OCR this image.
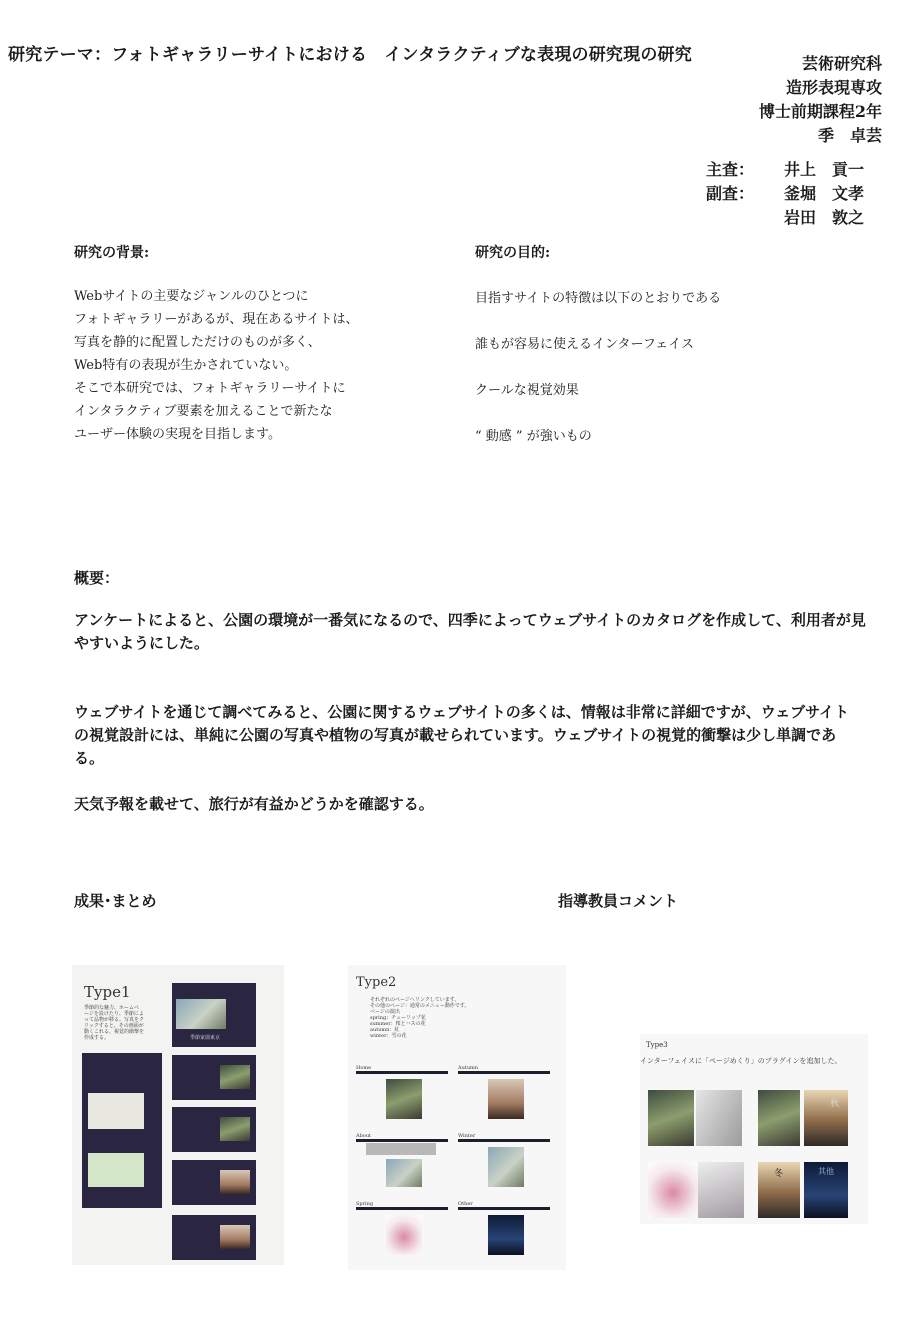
研究テーマ：フォトギャラリーサイトにおける　インタラクティブな表現の研究現の研究	芸術研究科
造形表現専攻
博士前期課程2年
季　卓芸
主査：	井上　貢一
副査：	釜堀　文孝
岩田　敦之
研究の背景:
Webサイトの主要なジャンルのひとつに
フォトギャラリーがあるが、現在あるサイトは、
写真を静的に配置しただけのものが多く、
Web特有の表現が生かされていない。
そこで本研究では、フォトギャラリーサイトに
インタラクティブ要素を加えることで新たな
ユーザー体験の実現を目指します。
研究の目的:
目指すサイトの特徴は以下のとおりである
誰もが容易に使えるインターフェイス
クールな視覚効果
“ 動感 ” が強いもの
概要：
アンケートによると、公園の環境が一番気になるので、四季によってウェブサイトのカタログを作成して、利用者が見やすいようにした。
ウェブサイトを通じて調べてみると、公園に関するウェブサイトの多くは、情報は非常に詳細ですが、ウェブサイトの視覚設計には、単純に公園の写真や植物の写真が載せられています。ウェブサイトの視覚的衝撃は少し単調である。
天気予報を載せて、旅行が有益かどうかを確認する。
成果･まとめ	指導教員コメント
Type1
季節的な魅力、ホームページを設けたり、季節によって品物が移る。写真をクリックすると、その画面が動くこれる、視覚的衝撃を作成する。	季節家園東京
Type2
それぞれのページへリンクしています。
その他のページ：通常のメニュー動作です。
ページの演出
spring：チューリップ花
summer：桜とハスの花
autumn：紅
winter：雪の花
Home	Autumn
About	Winter
Spring	Other
Type3
インターフェイスに「ページめくり」のプラグインを追加した。
秋
冬	其他
